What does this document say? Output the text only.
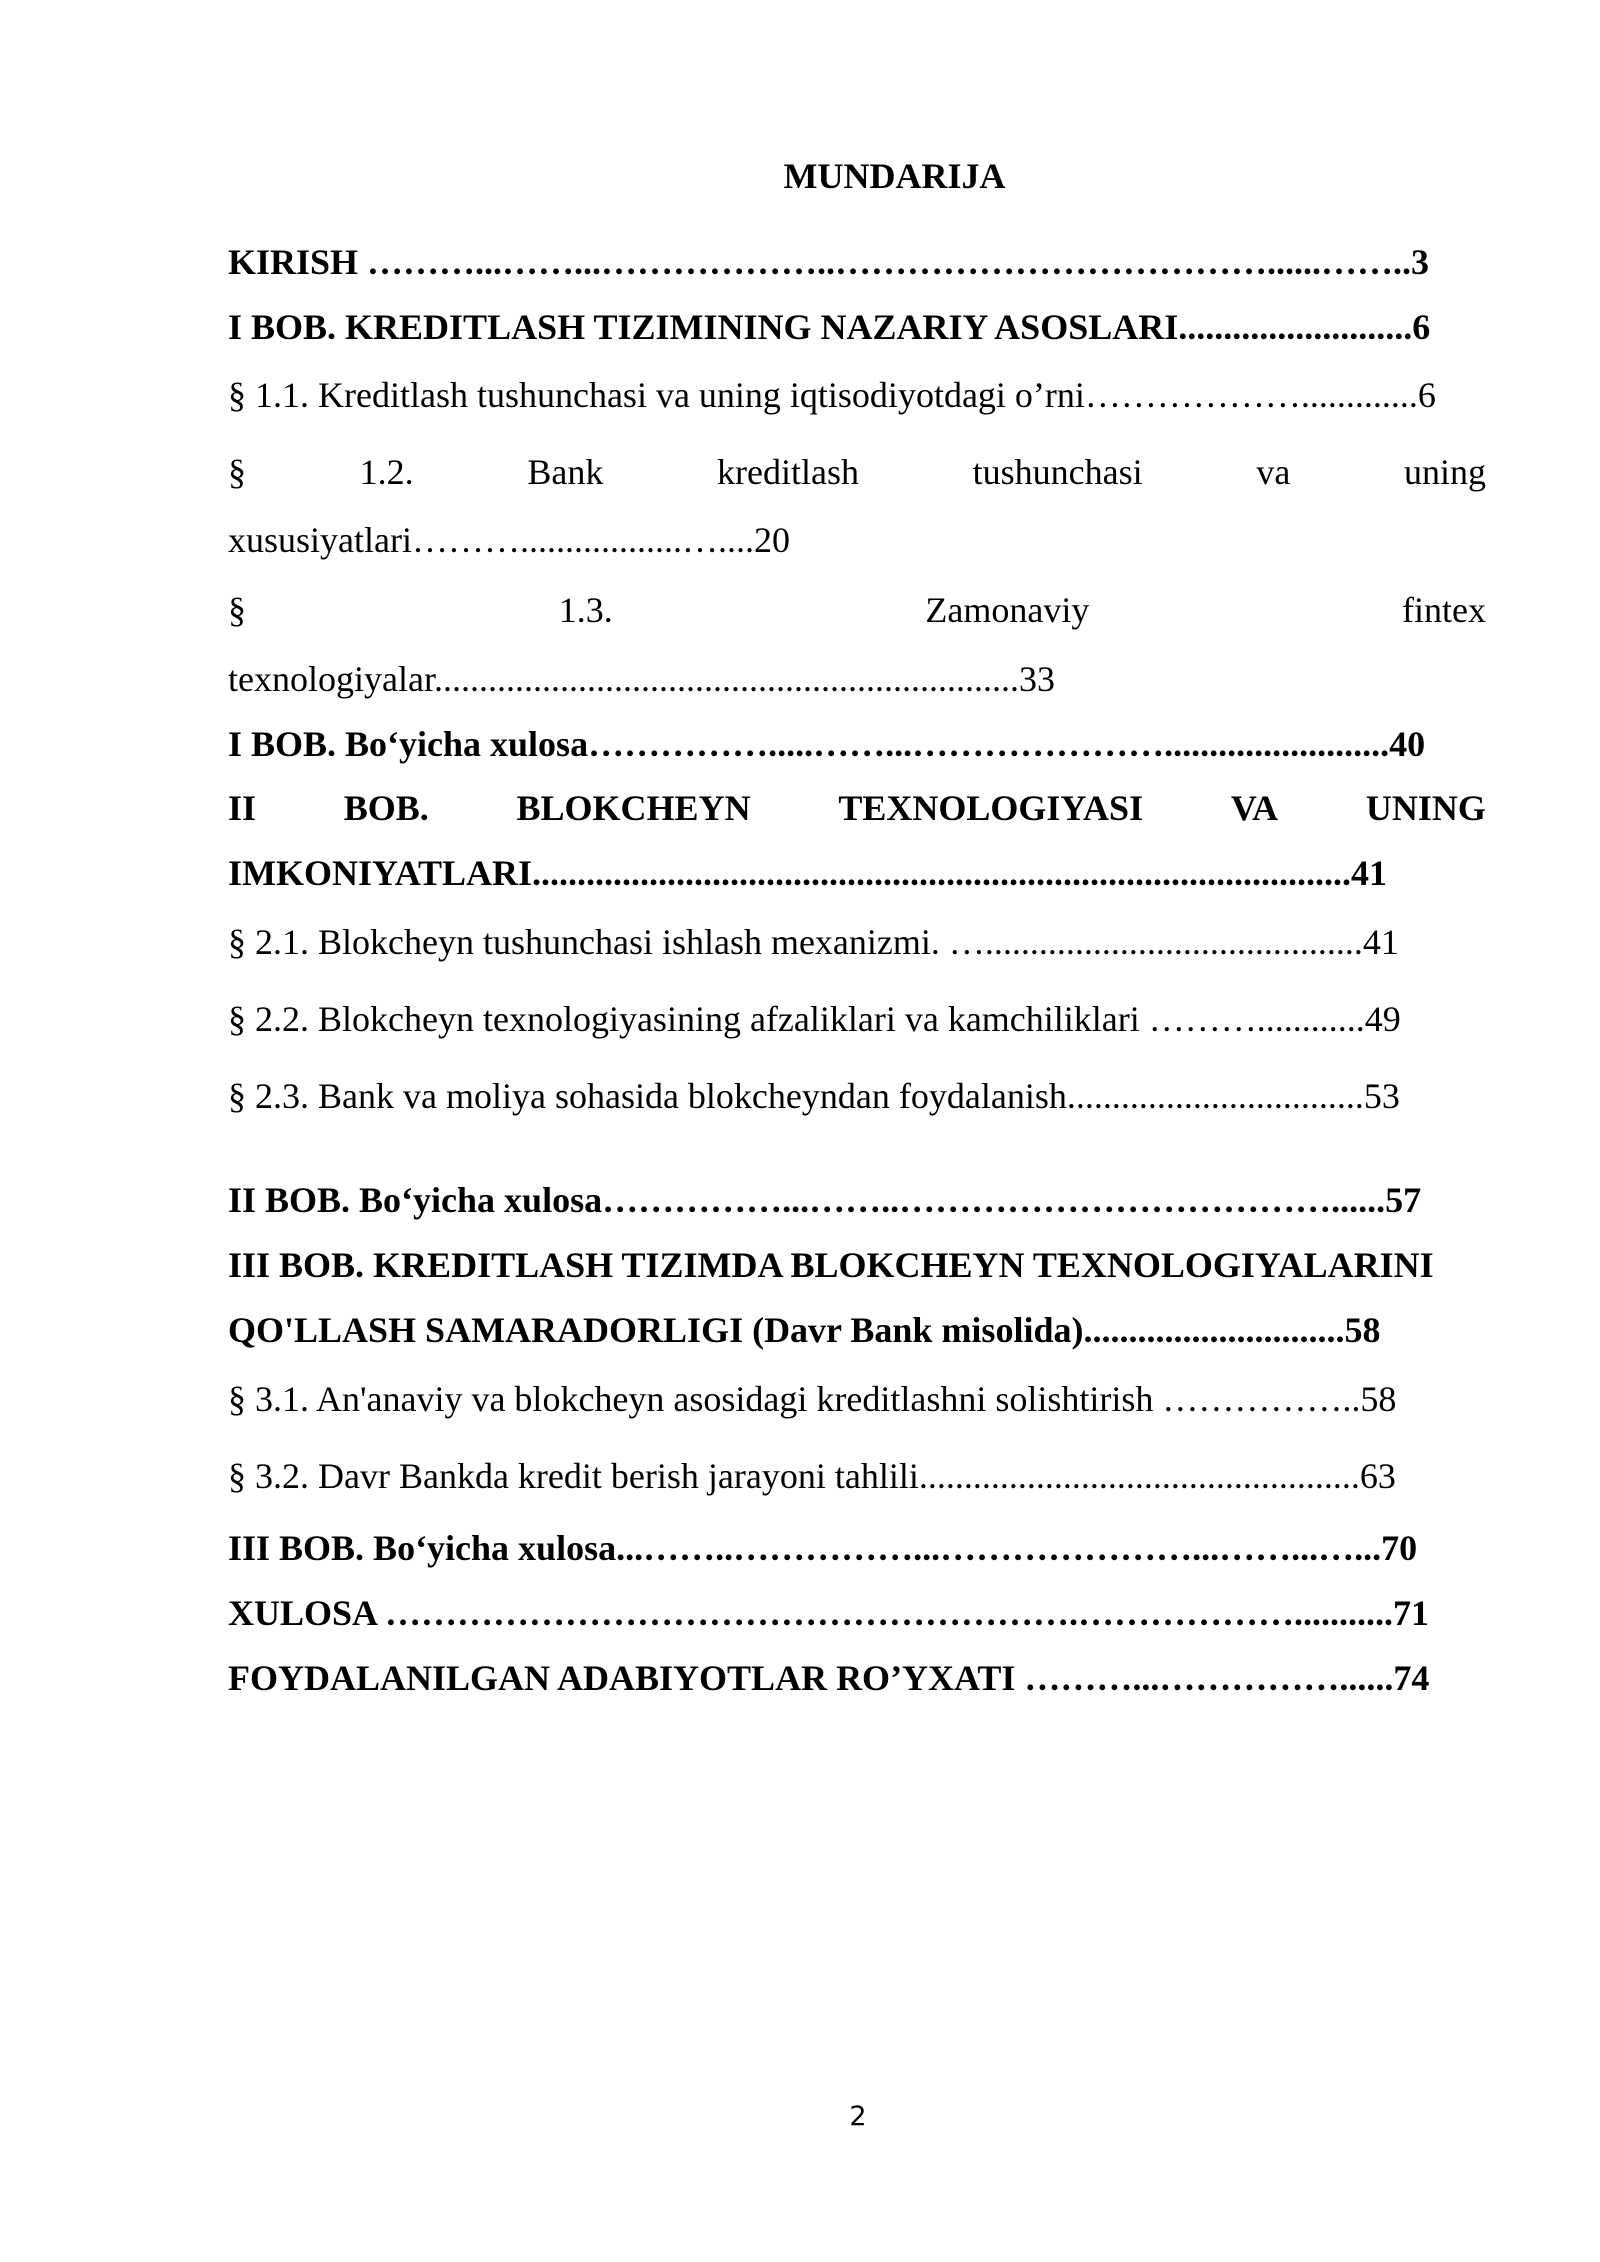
MUNDARIJA
KIRISH ………...……...………………..………………………………......……..3
I BOB. KREDITLASH TIZIMINING NAZARIY ASOSLARI..........................6
§ 1.1. Kreditlash tushunchasi va uning iqtisodiyotdagi o’rni……………….............6
§	1.2.	Bank	kreditlash	tushunchasi	va	uning
xususiyatlari………..................…....20
§	1.3.	Zamonaviy	fintex
texnologiyalar.................................................................33
I BOB. Bo‘yicha xulosa…………….....……...………………….........................40
II BOB. BLOKCHEYN TEXNOLOGIYASI VA UNING
IMKONIYATLARI...........................................................................................41
§ 2.1. Blokcheyn tushunchasi ishlash mexanizmi. …..........................................41
§ 2.2. Blokcheyn texnologiyasining afzaliklari va kamchiliklari ………............49
§ 2.3. Bank va moliya sohasida blokcheyndan foydalanish.................................53
II BOB. Bo‘yicha xulosa……………...……..………………………………......57
III BOB. KREDITLASH TIZIMDA BLOKCHEYN TEXNOLOGIYALARINI
QO'LLASH SAMARADORLIGI (Davr Bank misolida).............................58
§ 3.1. An'anaviy va blokcheyn asosidagi kreditlashni solishtirish ……………..58
§ 3.2. Davr Bankda kredit berish jarayoni tahlili.................................................63
III BOB. Bo‘yicha xulosa...……..……………...…………………...……...…...70
XULOSA ………………………………………………….………………...........71
FOYDALANILGAN ADABIYOTLAR RO’YXATI ………...……………......74
2
